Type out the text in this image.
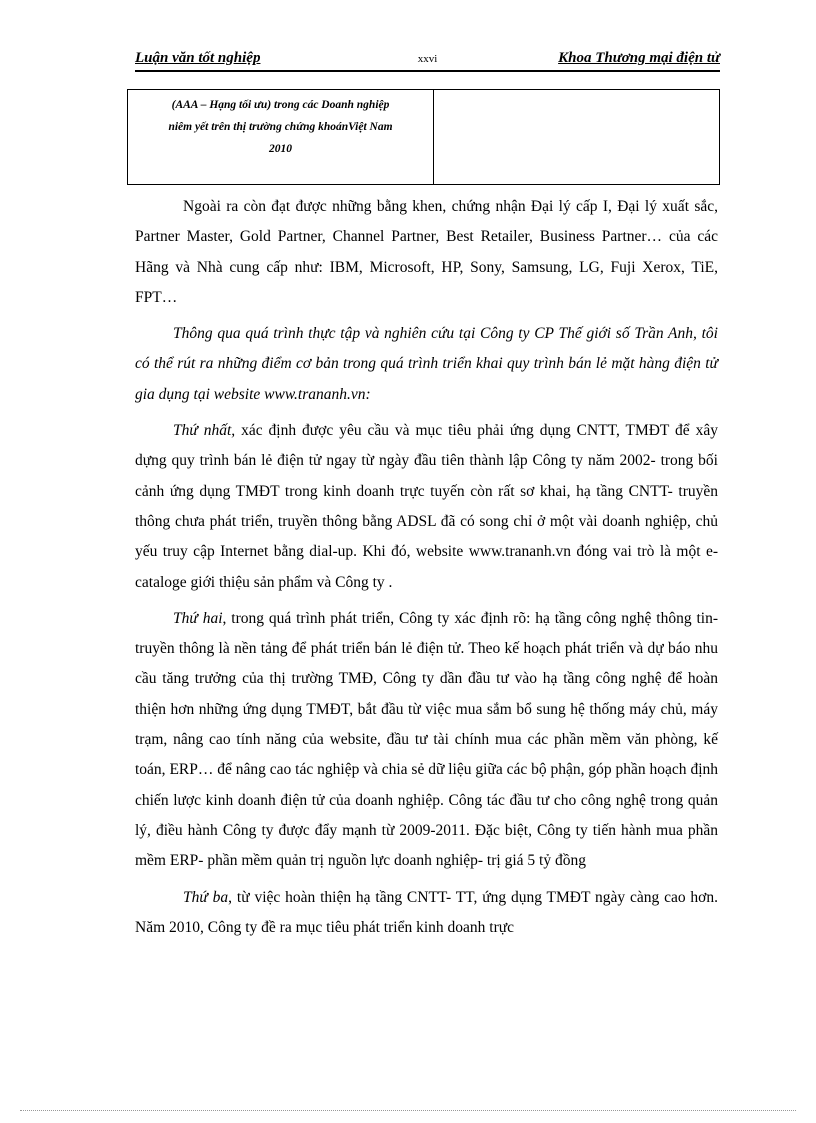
Luận văn tốt nghiệp	xxvi	Khoa Thương mại điện tử
(AAA – Hạng tối ưu) trong các Doanh nghiệp
niêm yết trên thị trường chứng khoánViệt Nam
2010

Ngoài ra còn đạt được những bằng khen, chứng nhận Đại lý cấp I, Đại lý xuất sắc, Partner Master, Gold Partner, Channel Partner, Best Retailer, Business Partner… của các Hãng và Nhà cung cấp như: IBM, Microsoft, HP, Sony, Samsung, LG, Fuji Xerox, TiE, FPT…

Thông qua quá trình thực tập và nghiên cứu tại Công ty CP Thế giới số Trần Anh, tôi có thể rút ra những điểm cơ bản trong quá trình triển khai quy trình bán lẻ mặt hàng điện tử gia dụng tại website www.trananh.vn:

Thứ nhất, xác định được yêu cầu và mục tiêu phải ứng dụng CNTT, TMĐT để xây dựng quy trình bán lẻ điện tử ngay từ ngày đầu tiên thành lập Công ty năm 2002- trong bối cảnh ứng dụng TMĐT trong kinh doanh trực tuyến còn rất sơ khai, hạ tầng CNTT- truyền thông chưa phát triển, truyền thông bằng ADSL đã có song chỉ ở một vài doanh nghiệp, chủ yếu truy cập Internet bằng dial-up. Khi đó, website www.trananh.vn đóng vai trò là một e-cataloge giới thiệu sản phẩm và Công ty .

Thứ hai, trong quá trình phát triển, Công ty xác định rõ: hạ tầng công nghệ thông tin- truyền thông là nền tảng để phát triển bán lẻ điện tử. Theo kế hoạch phát triển và dự báo nhu cầu tăng trưởng của thị trường TMĐ, Công ty dần đầu tư vào hạ tầng công nghệ để hoàn thiện hơn những ứng dụng TMĐT, bắt đầu từ việc mua sắm bổ sung hệ thống máy chủ, máy trạm, nâng cao tính năng của website, đầu tư tài chính mua các phần mềm văn phòng, kế toán, ERP… để nâng cao tác nghiệp và chia sẻ dữ liệu giữa các bộ phận, góp phần hoạch định chiến lược kinh doanh điện tử của doanh nghiệp. Công tác đầu tư cho công nghệ trong quản lý, điều hành Công ty được đẩy mạnh từ 2009-2011. Đặc biệt, Công ty tiến hành mua phần mềm ERP- phần mềm quản trị nguồn lực doanh nghiệp- trị giá 5 tỷ đồng

Thứ ba, từ việc hoàn thiện hạ tầng CNTT- TT, ứng dụng TMĐT ngày càng cao hơn. Năm 2010, Công ty đề ra mục tiêu phát triển kinh doanh trực
